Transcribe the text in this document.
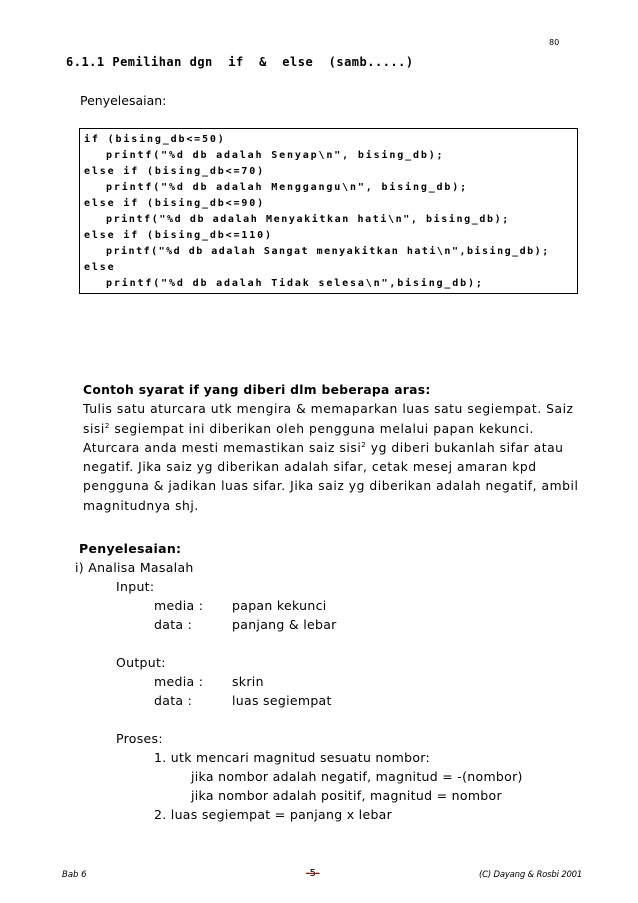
80
6.1.1 Pemilihan dgn  if  &  else  (samb.....)
Penyelesaian:
if (bising_db<=50)
printf("%d db adalah Senyap\n", bising_db);
else if (bising_db<=70)
printf("%d db adalah Menggangu\n", bising_db);
else if (bising_db<=90)
printf("%d db adalah Menyakitkan hati\n", bising_db);
else if (bising_db<=110)
printf("%d db adalah Sangat menyakitkan hati\n",bising_db);
else
printf("%d db adalah Tidak selesa\n",bising_db);
Contoh syarat if yang diberi dlm beberapa aras:
Tulis satu aturcara utk mengira & memaparkan luas satu segiempat. Saiz sisi$^2$ segiempat ini diberikan oleh pengguna melalui papan kekunci. Aturcara anda mesti memastikan saiz sisi$^2$ yg diberi bukanlah sifar atau negatif. Jika saiz yg diberikan adalah sifar, cetak mesej amaran kpd pengguna & jadikan luas sifar. Jika saiz yg diberikan adalah negatif, ambil magnitudnya shj.
Penyelesaian:
i) Analisa Masalah
Input:
media : papan kekunci
data :	panjang & lebar
Output:
media : skrin
data :	luas segiempat
Proses:
1. utk mencari magnitud sesuatu nombor:
jika nombor adalah negatif, magnitud = -(nombor)
jika nombor adalah positif, magnitud = nombor
2. luas segiempat = panjang x lebar
Bab 6	-5-	(C) Dayang & Rosbi 2001
